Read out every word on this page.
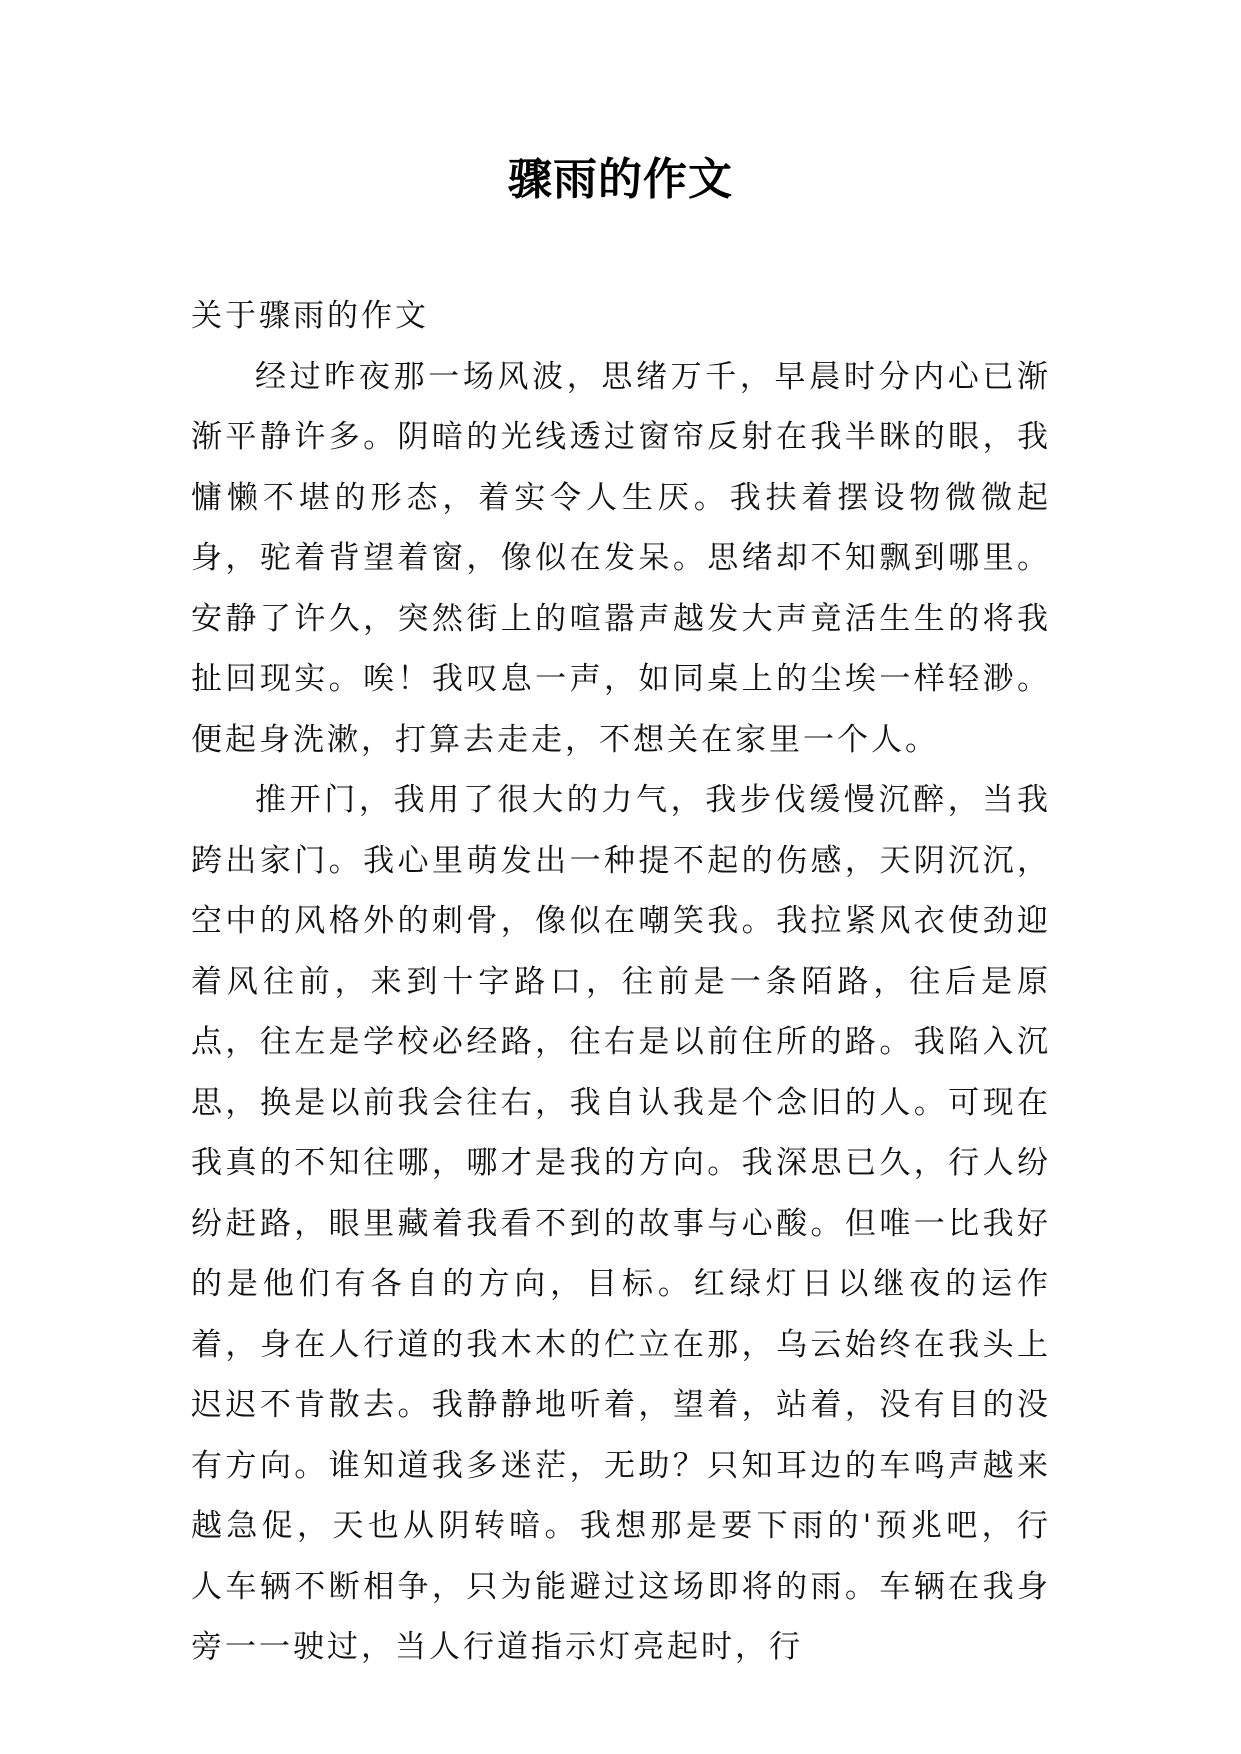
骤雨的作文

关于骤雨的作文

经过昨夜那一场风波，思绪万千，早晨时分内心已渐渐平静许多。阴暗的光线透过窗帘反射在我半眯的眼，我慵懒不堪的形态，着实令人生厌。我扶着摆设物微微起身，驼着背望着窗，像似在发呆。思绪却不知飘到哪里。安静了许久，突然街上的喧嚣声越发大声竟活生生的将我扯回现实。唉！我叹息一声，如同桌上的尘埃一样轻渺。便起身洗漱，打算去走走，不想关在家里一个人。

推开门，我用了很大的力气，我步伐缓慢沉醉，当我跨出家门。我心里萌发出一种提不起的伤感，天阴沉沉，空中的风格外的刺骨，像似在嘲笑我。我拉紧风衣使劲迎着风往前，来到十字路口，往前是一条陌路，往后是原点，往左是学校必经路，往右是以前住所的路。我陷入沉思，换是以前我会往右，我自认我是个念旧的人。可现在我真的不知往哪，哪才是我的方向。我深思已久，行人纷纷赶路，眼里藏着我看不到的故事与心酸。但唯一比我好的是他们有各自的方向，目标。红绿灯日以继夜的运作着，身在人行道的我木木的伫立在那，乌云始终在我头上迟迟不肯散去。我静静地听着，望着，站着，没有目的没有方向。谁知道我多迷茫，无助？只知耳边的车鸣声越来越急促，天也从阴转暗。我想那是要下雨的'预兆吧，行人车辆不断相争，只为能避过这场即将的雨。车辆在我身旁一一驶过，当人行道指示灯亮起时，行
